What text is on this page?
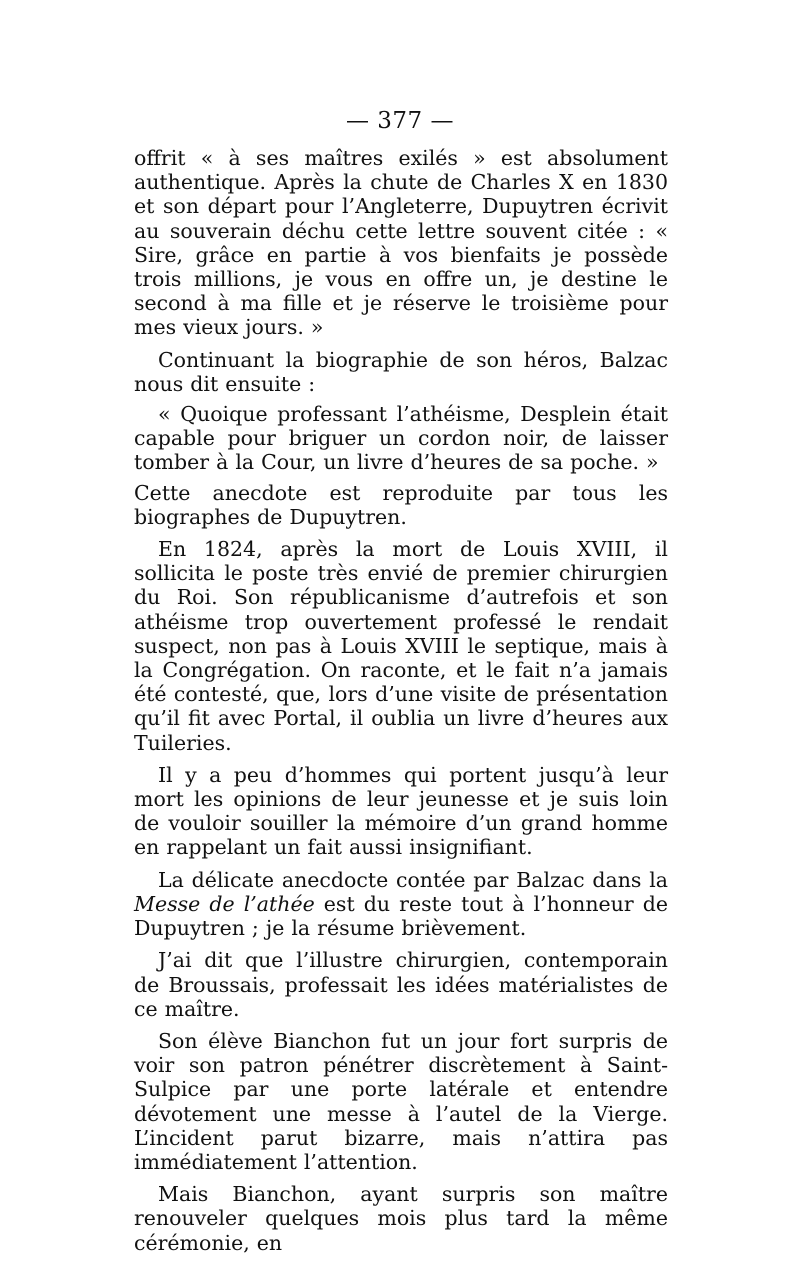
— 377 —

offrit « à ses maîtres exilés » est absolument authentique. Après la chute de Charles X en 1830 et son départ pour l’Angleterre, Dupuytren écrivit au souverain déchu cette lettre souvent citée : « Sire, grâce en partie à vos bienfaits je possède trois millions, je vous en offre un, je destine le second à ma fille et je réserve le troisième pour mes vieux jours. »

Continuant la biographie de son héros, Balzac nous dit ensuite :

« Quoique professant l’athéisme, Desplein était capable pour briguer un cordon noir, de laisser tomber à la Cour, un livre d’heures de sa poche. »

Cette anecdote est reproduite par tous les biographes de Dupuytren.

En 1824, après la mort de Louis XVIII, il sollicita le poste très envié de premier chirurgien du Roi. Son républicanisme d’autrefois et son athéisme trop ouvertement professé le rendait suspect, non pas à Louis XVIII le septique, mais à la Congrégation. On raconte, et le fait n’a jamais été contesté, que, lors d’une visite de présentation qu’il fit avec Portal, il oublia un livre d’heures aux Tuileries.

Il y a peu d’hommes qui portent jusqu’à leur mort les opinions de leur jeunesse et je suis loin de vouloir souiller la mémoire d’un grand homme en rappelant un fait aussi insignifiant.

La délicate anecdocte contée par Balzac dans la Messe de l’athée est du reste tout à l’honneur de Dupuytren ; je la résume brièvement.

J’ai dit que l’illustre chirurgien, contemporain de Broussais, professait les idées matérialistes de ce maître.

Son élève Bianchon fut un jour fort surpris de voir son patron pénétrer discrètement à Saint-Sulpice par une porte latérale et entendre dévotement une messe à l’autel de la Vierge. L’incident parut bizarre, mais n’attira pas immédiatement l’attention.

Mais Bianchon, ayant surpris son maître renouveler quelques mois plus tard la même cérémonie, en
